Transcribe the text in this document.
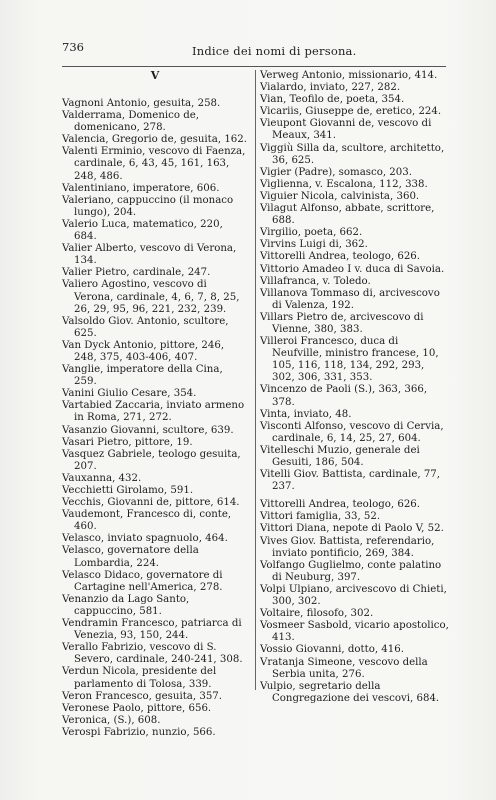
736	Indice dei nomi di persona.
V

Vagnoni Antonio, gesuita, 258.

Valderrama, Domenico de, domenicano, 278.

Valencia, Gregorio de, gesuita, 162.

Valenti Erminio, vescovo di Faenza, cardinale, 6, 43, 45, 161, 163, 248, 486.

Valentiniano, imperatore, 606.

Valeriano, cappuccino (il monaco lungo), 204.

Valerio Luca, matematico, 220, 684.

Valier Alberto, vescovo di Verona, 134.

Valier Pietro, cardinale, 247.

Valiero Agostino, vescovo di Verona, cardinale, 4, 6, 7, 8, 25, 26, 29, 95, 96, 221, 232, 239.

Valsoldo Giov. Antonio, scultore, 625.

Van Dyck Antonio, pittore, 246, 248, 375, 403-406, 407.

Vanglie, imperatore della Cina, 259.

Vanini Giulio Cesare, 354.

Vartabied Zaccaria, inviato armeno in Roma, 271, 272.

Vasanzio Giovanni, scultore, 639.

Vasari Pietro, pittore, 19.

Vasquez Gabriele, teologo gesuita, 207.

Vauxanna, 432.

Vecchietti Girolamo, 591.

Vecchis, Giovanni de, pittore, 614.

Vaudemont, Francesco di, conte, 460.

Velasco, inviato spagnuolo, 464.

Velasco, governatore della Lombardia, 224.

Velasco Didaco, governatore di Cartagine nell'America, 278.

Venanzio da Lago Santo, cappuccino, 581.

Vendramin Francesco, patriarca di Venezia, 93, 150, 244.

Verallo Fabrizio, vescovo di S. Severo, cardinale, 240-241, 308.

Verdun Nicola, presidente del parlamento di Tolosa, 339.

Veron Francesco, gesuita, 357.

Veronese Paolo, pittore, 656.

Veronica, (S.), 608.

Verospi Fabrizio, nunzio, 566.

Verweg Antonio, missionario, 414.

Vialardo, inviato, 227, 282.

Vian, Teofilo de, poeta, 354.

Vicariis, Giuseppe de, eretico, 224.

Vieupont Giovanni de, vescovo di Meaux, 341.

Viggiù Silla da, scultore, architetto, 36, 625.

Vigier (Padre), somasco, 203.

Viglienna, v. Escalona, 112, 338.

Viguier Nicola, calvinista, 360.

Vilagut Alfonso, abbate, scrittore, 688.

Virgilio, poeta, 662.

Virvins Luigi di, 362.

Vittorelli Andrea, teologo, 626.

Vittorio Amadeo I v. duca di Savoia.

Villafranca, v. Toledo.

Villanova Tommaso di, arcivescovo di Valenza, 192.

Villars Pietro de, arcivescovo di Vienne, 380, 383.

Villeroi Francesco, duca di Neufville, ministro francese, 10, 105, 116, 118, 134, 292, 293, 302, 306, 331, 353.

Vincenzo de Paoli (S.), 363, 366, 378.

Vinta, inviato, 48.

Visconti Alfonso, vescovo di Cervia, cardinale, 6, 14, 25, 27, 604.

Vitelleschi Muzio, generale dei Gesuiti, 186, 504.

Vitelli Giov. Battista, cardinale, 77, 237.

Vittorelli Andrea, teologo, 626.

Vittori famiglia, 33, 52.

Vittori Diana, nepote di Paolo V, 52.

Vives Giov. Battista, referendario, inviato pontificio, 269, 384.

Volfango Guglielmo, conte palatino di Neuburg, 397.

Volpi Ulpiano, arcivescovo di Chieti, 300, 302.

Voltaire, filosofo, 302.

Vosmeer Sasbold, vicario apostolico, 413.

Vossio Giovanni, dotto, 416.

Vratanja Simeone, vescovo della Serbia unita, 276.

Vulpio, segretario della Congregazione dei vescovi, 684.
